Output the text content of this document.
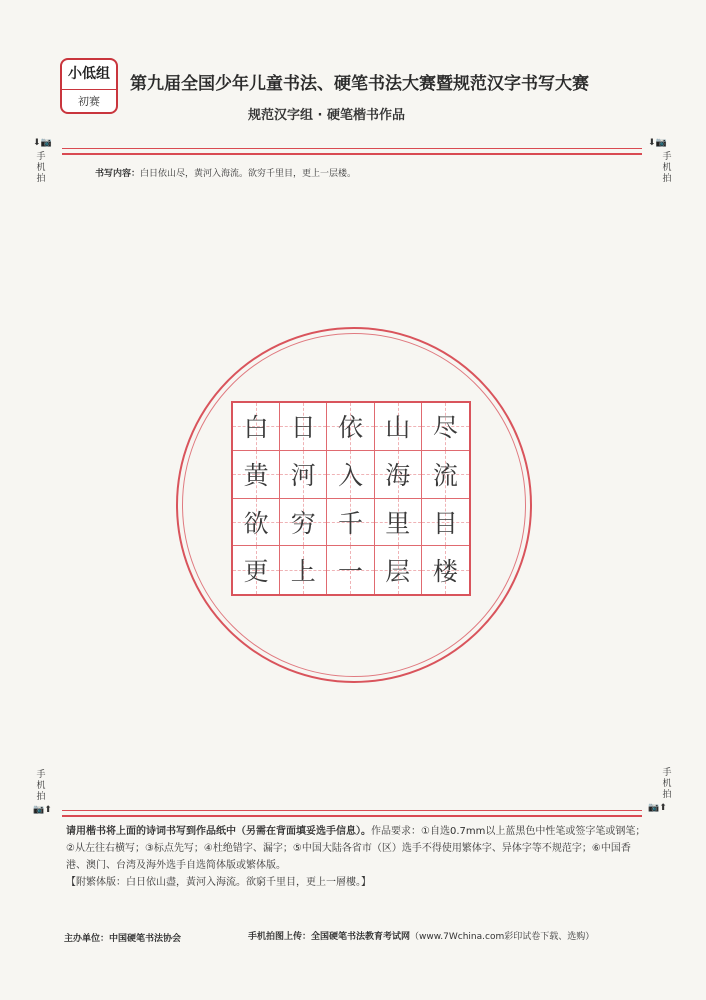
小低组
初赛
第九届全国少年儿童书法、硬笔书法大赛暨规范汉字书写大赛
规范汉字组 · 硬笔楷书作品
⬇📷
手机拍
⬇📷
手机拍
书写内容：白日依山尽，黄河入海流。欲穷千里目，更上一层楼。
白 日 依 山 尽
黄 河 入 海 流
欲 穷 千 里 目
更 上 一 层 楼
手机拍
📷⬆
手机拍
📷⬆
请用楷书将上面的诗词书写到作品纸中（另需在背面填妥选手信息）。作品要求：①自选0.7mm以上蓝黑色中性笔或签字笔或钢笔；②从左往右横写；③标点先写；④杜绝错字、漏字；⑤中国大陆各省市（区）选手不得使用繁体字、异体字等不规范字；⑥中国香港、澳门、台湾及海外选手自选简体版或繁体版。
【附繁体版：白日依山盡，黃河入海流。欲窮千里目，更上一層樓。】
主办单位：中国硬笔书法协会	手机拍图上传：全国硬笔书法教育考试网（www.7Wchina.com彩印试卷下载、选购）
